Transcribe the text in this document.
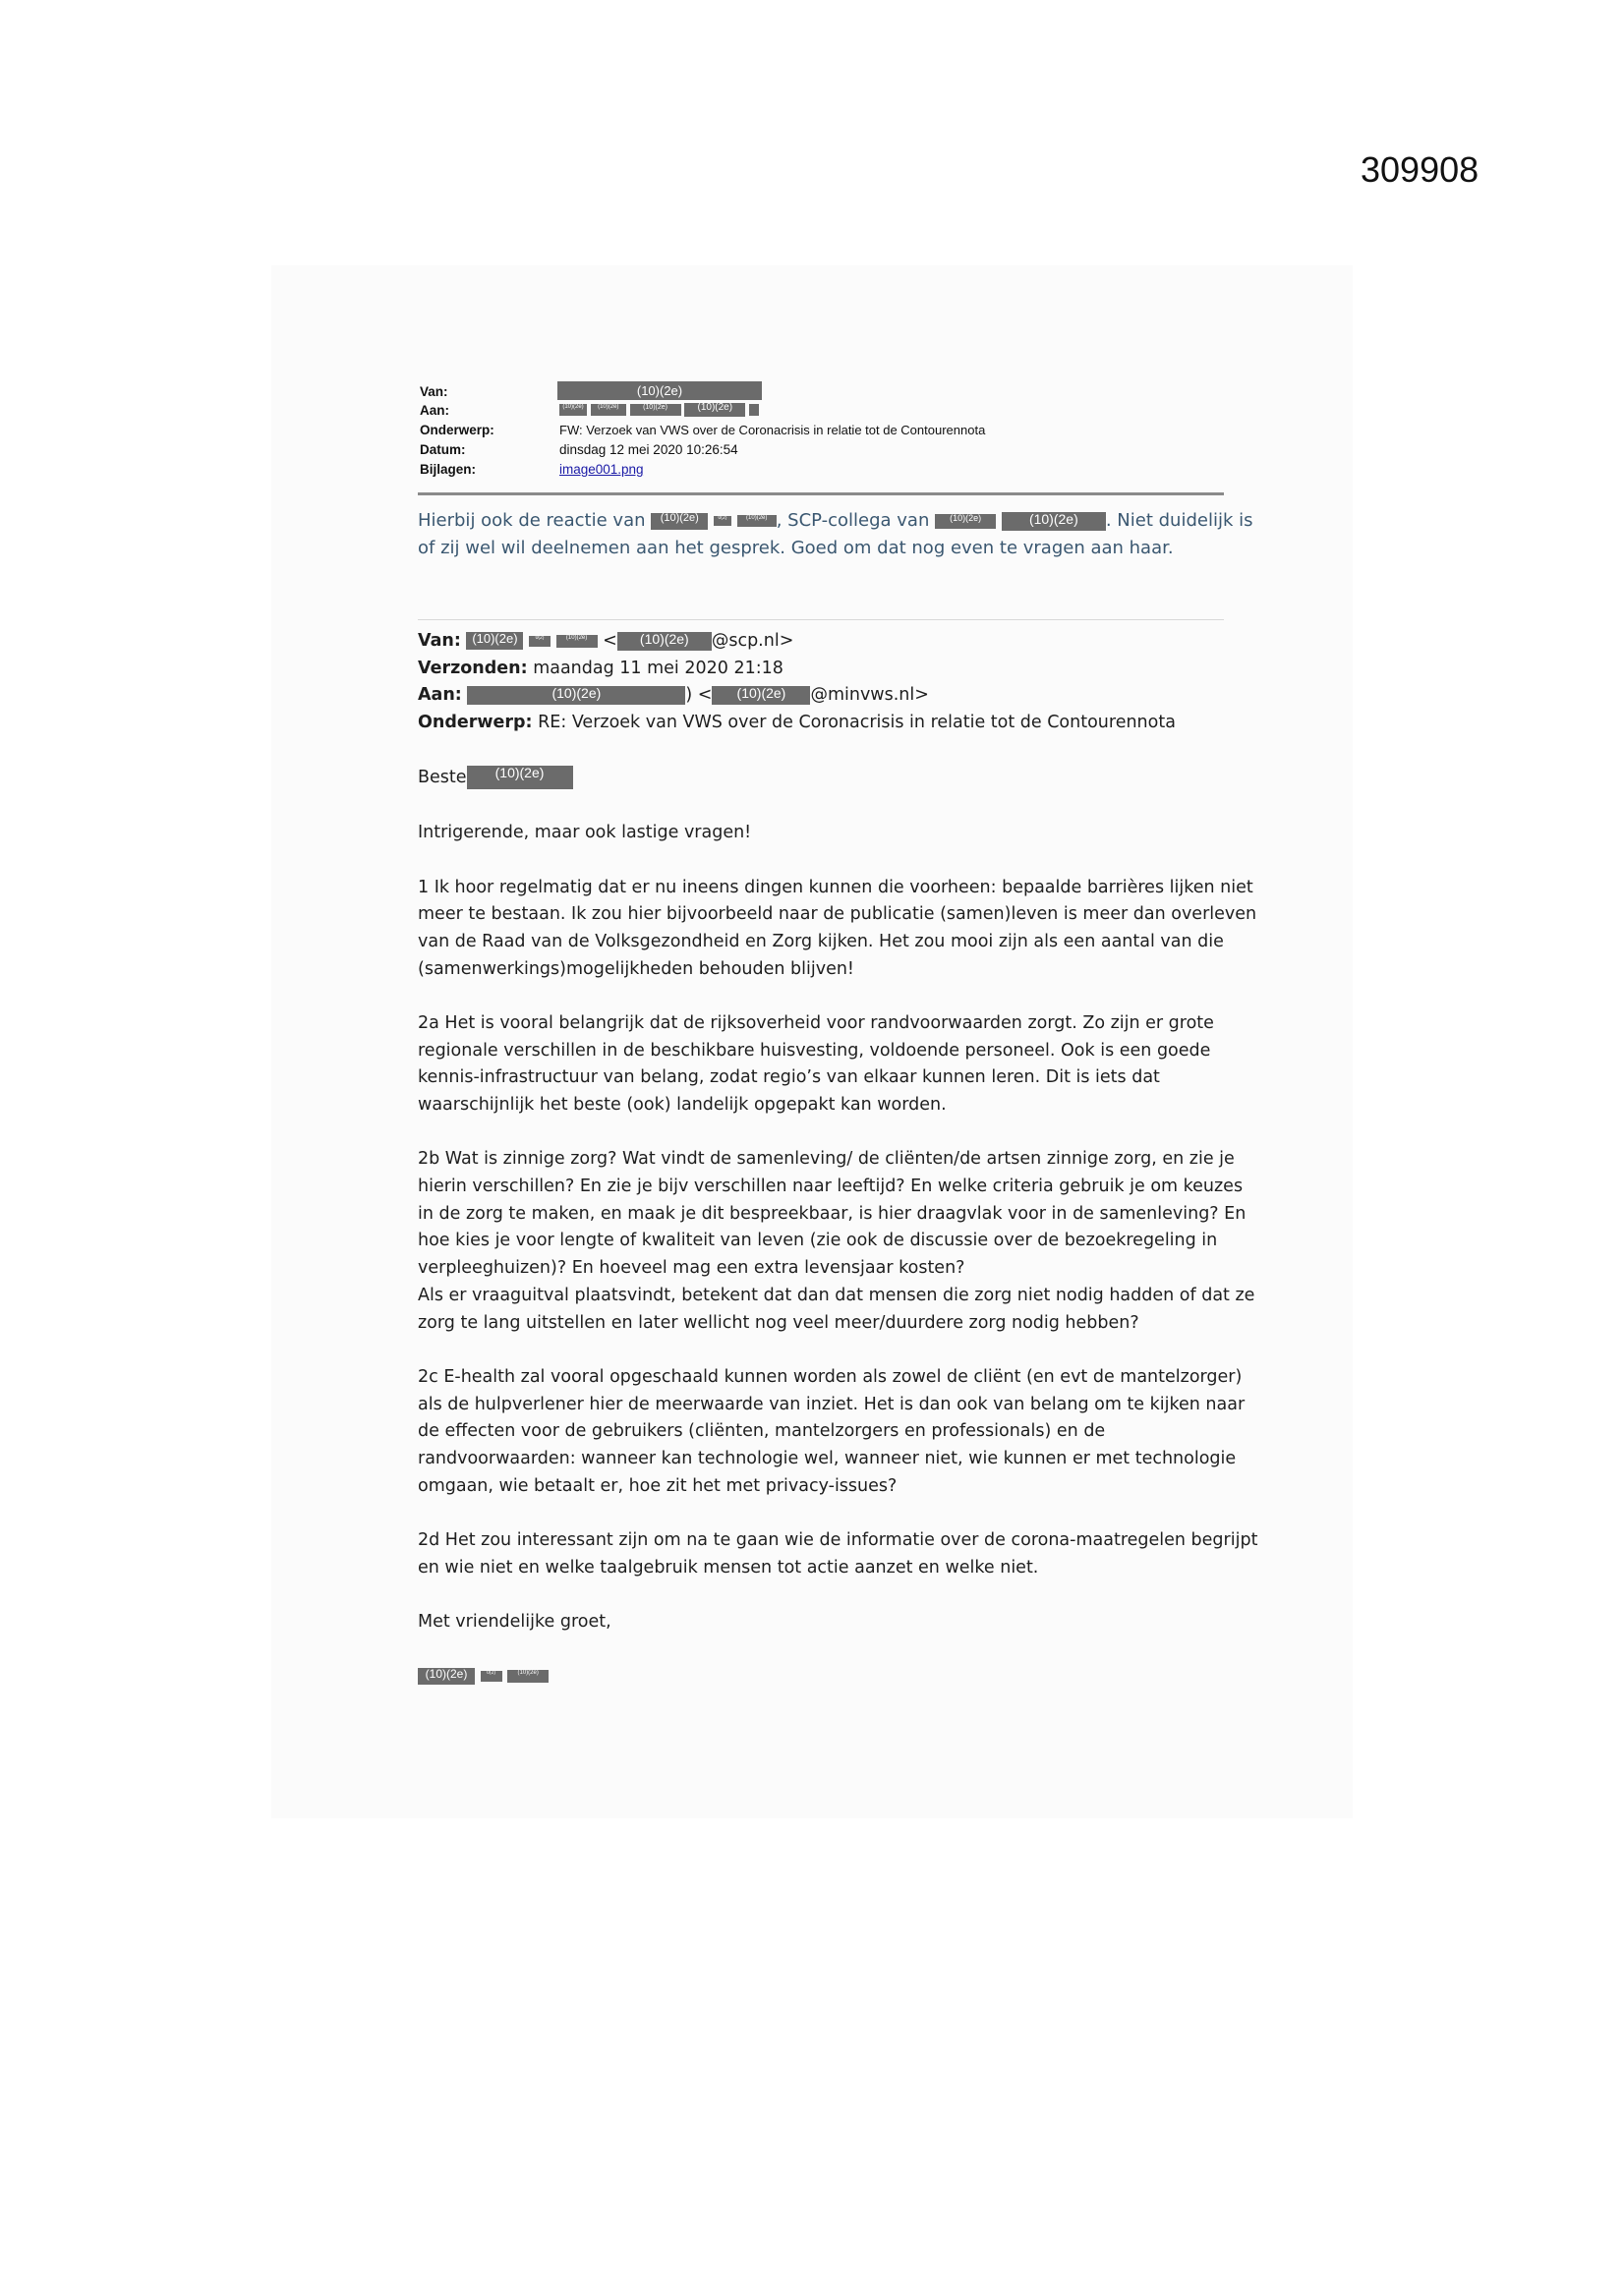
309908
Van:	(10)(2e)
Aan:	(10)(2e) (10)(2e)	(10)(2e)	(10)(2e)
Onderwerp:	FW: Verzoek van VWS over de Coronacrisis in relatie tot de Contourennota
Datum:	dinsdag 12 mei 2020 10:26:54
Bijlagen:	image001.png
Hierbij ook de reactie van (10)(2e)	0(2)	(10)(2e) , SCP-collega van (10)(2e)	(10)(2e) . Niet duidelijk is
of zij wel wil deelnemen aan het gesprek. Goed om dat nog even te vragen aan haar.
Van: (10)(2e)	0(2)	(10)(2e) < (10)(2e) @scp.nl>
Verzonden: maandag 11 mei 2020 21:18
Aan:	(10)(2e)	) < (10)(2e) @minvws.nl>
Onderwerp: RE: Verzoek van VWS over de Coronacrisis in relatie tot de Contourennota
Beste (10)(2e)
Intrigerende, maar ook lastige vragen!
1 Ik hoor regelmatig dat er nu ineens dingen kunnen die voorheen: bepaalde barrières lijken niet
meer te bestaan. Ik zou hier bijvoorbeeld naar de publicatie (samen)leven is meer dan overleven
van de Raad van de Volksgezondheid en Zorg kijken. Het zou mooi zijn als een aantal van die
(samenwerkings)mogelijkheden behouden blijven!
2a Het is vooral belangrijk dat de rijksoverheid voor randvoorwaarden zorgt. Zo zijn er grote
regionale verschillen in de beschikbare huisvesting, voldoende personeel. Ook is een goede
kennis-infrastructuur van belang, zodat regio’s van elkaar kunnen leren. Dit is iets dat
waarschijnlijk het beste (ook) landelijk opgepakt kan worden.
2b Wat is zinnige zorg? Wat vindt de samenleving/ de cliënten/de artsen zinnige zorg, en zie je
hierin verschillen? En zie je bijv verschillen naar leeftijd? En welke criteria gebruik je om keuzes
in de zorg te maken, en maak je dit bespreekbaar, is hier draagvlak voor in de samenleving? En
hoe kies je voor lengte of kwaliteit van leven (zie ook de discussie over de bezoekregeling in
verpleeghuizen)? En hoeveel mag een extra levensjaar kosten?
Als er vraaguitval plaatsvindt, betekent dat dan dat mensen die zorg niet nodig hadden of dat ze
zorg te lang uitstellen en later wellicht nog veel meer/duurdere zorg nodig hebben?
2c E-health zal vooral opgeschaald kunnen worden als zowel de cliënt (en evt de mantelzorger)
als de hulpverlener hier de meerwaarde van inziet. Het is dan ook van belang om te kijken naar
de effecten voor de gebruikers (cliënten, mantelzorgers en professionals) en de
randvoorwaarden: wanneer kan technologie wel, wanneer niet, wie kunnen er met technologie
omgaan, wie betaalt er, hoe zit het met privacy-issues?
2d Het zou interessant zijn om na te gaan wie de informatie over de corona-maatregelen begrijpt
en wie niet en welke taalgebruik mensen tot actie aanzet en welke niet.
Met vriendelijke groet,
(10)(2e)	0(2)	(10)(2e)
